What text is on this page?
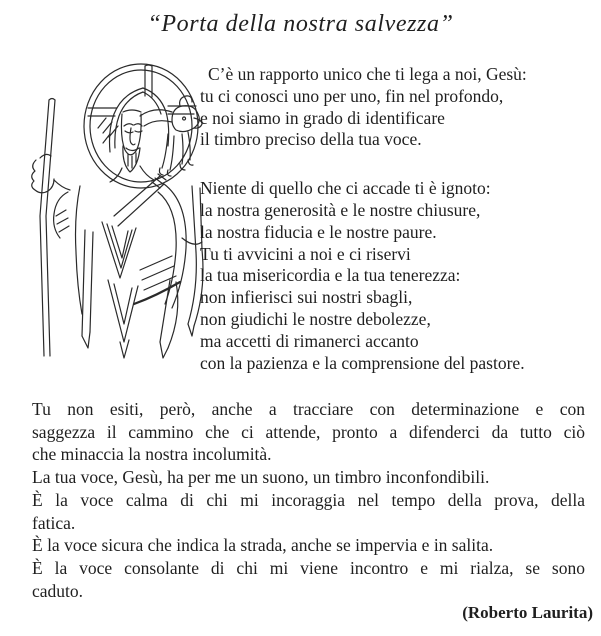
“Porta della nostra salvezza”
C’è un rapporto unico che ti lega a noi, Gesù:
tu ci conosci uno per uno, fin nel profondo,
e noi siamo in grado di identificare
il timbro preciso della tua voce.
Niente di quello che ci accade ti è ignoto:
la nostra generosità e le nostre chiusure,
la nostra fiducia e le nostre paure.
Tu ti avvicini a noi e ci riservi
la tua misericordia e la tua tenerezza:
non infierisci sui nostri sbagli,
non giudichi le nostre debolezze,
ma accetti di rimanerci accanto
con la pazienza e la comprensione del pastore.
Tu non esiti, però, anche a tracciare con determinazione e con
saggezza il cammino che ci attende, pronto a difenderci da tutto ciò
che minaccia la nostra incolumità.
La tua voce, Gesù, ha per me un suono, un timbro inconfondibili.
È la voce calma di chi mi incoraggia nel tempo della prova, della
fatica.
È la voce sicura che indica la strada, anche se impervia e in salita.
È la voce consolante di chi mi viene incontro e mi rialza, se sono
caduto.
(Roberto Laurita)
